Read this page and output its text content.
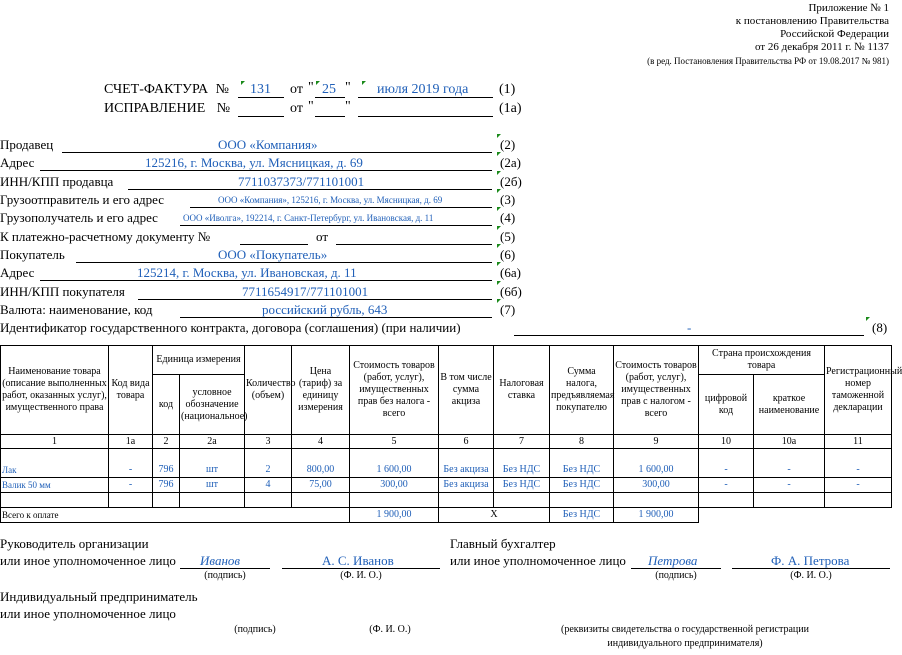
Приложение № 1
к постановлению Правительства
Российской Федерации
от 26 декабря 2011 г. № 1137
(в ред. Постановления Правительства РФ от 19.08.2017 № 981)
СЧЕТ-ФАКТУРА № 131 от " 25 " июля 2019 года (1)
ИСПРАВЛЕНИЕ №	от " "	(1а)
Продавец	ООО «Компания»	(2)
Адрес	125216, г. Москва, ул. Мясницкая, д. 69	(2а)
ИНН/КПП продавца	7711037373/771101001	(2б)
Грузоотправитель и его адрес	ООО «Компания», 125216, г. Москва, ул. Мясницкая, д. 69	(3)
Грузополучатель и его адрес	ООО «Иволга», 192214, г. Санкт-Петербург, ул. Ивановская, д. 11	(4)
К платежно-расчетному документу №	от	(5)
Покупатель	ООО «Покупатель»	(6)
Адрес	125214, г. Москва, ул. Ивановская, д. 11	(6а)
ИНН/КПП покупателя	7711654917/771101001	(6б)
Валюта: наименование, код	российский рубль, 643	(7)
Идентификатор государственного контракта, договора (соглашения) (при наличии)	-	(8)
Наименование товара (описание выполненных работ, оказанных услуг), имущественного права	Код вида товара	Единица измерения		Количество (объем)	Цена (тариф) за единицу измерения	Стоимость товаров (работ, услуг), имущественных прав без налога - всего	В том числе сумма акциза	Налоговая ставка	Сумма налога, предъявляемая покупателю	Стоимость товаров (работ, услуг), имущественных прав с налогом - всего	Страна происхождения товара		Регистрационный номер таможенной декларации
		код	условное обозначение (национальное)								цифровой код	краткое наименование	
1	1а	2	2а	3	4	5	6	7	8	9	10	10а	11

Лак	-	796	шт	2	800,00	1 600,00	Без акциза	Без НДС	Без НДС	1 600,00	-	-	-
Валик 50 мм	-	796	шт	4	75,00	300,00	Без акциза	Без НДС	Без НДС	300,00	-	-	-

Всего к оплате						1 900,00	X		Без НДС	1 900,00			
Руководитель организации
или иное уполномоченное лицо Иванов	А. С. Иванов
(подпись)	(Ф. И. О.)
Главный бухгалтер
или иное уполномоченное лицо Петрова	Ф. А. Петрова
(подпись)	(Ф. И. О.)
Индивидуальный предприниматель
или иное уполномоченное лицо
(подпись)	(Ф. И. О.)	(реквизиты свидетельства о государственной регистрации
индивидуального предпринимателя)
